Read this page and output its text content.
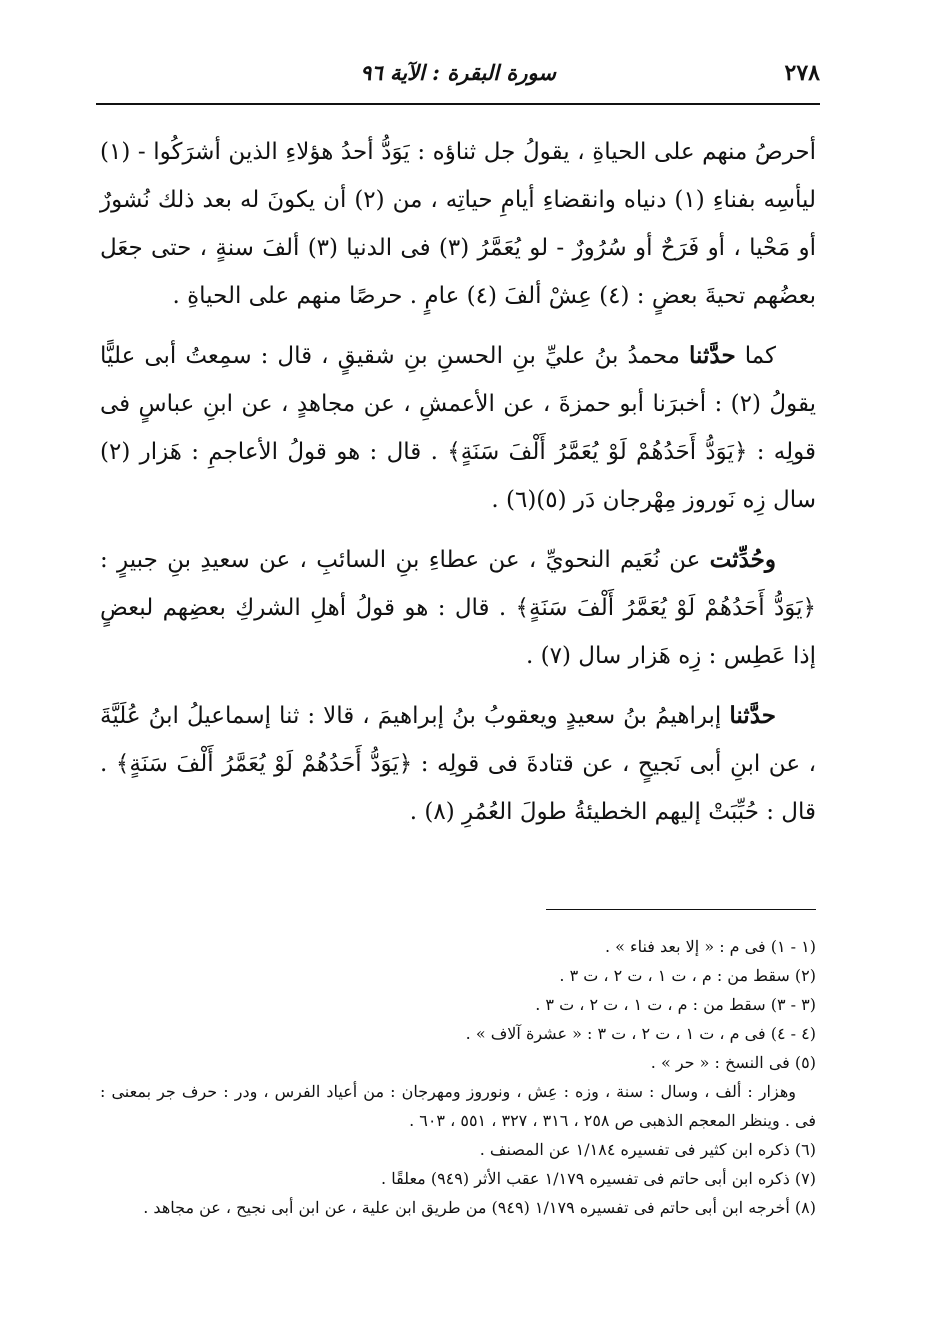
٢٧٨
سورة البقرة : الآية ٩٦

أحرصُ منهم على الحياةِ ، يقولُ جل ثناؤه : يَوَدُّ أحدُ هؤلاءِ الذين أشرَكُوا - (١) ليأسِه بفناءِ (١) دنياه وانقضاءِ أيامِ حياتِه ، من (٢) أن يكونَ له بعد ذلك نُشورٌ أو مَحْيا ، أو فَرَحٌ أو سُرُورٌ - لو يُعَمَّرُ (٣) فى الدنيا (٣) ألفَ سنةٍ ، حتى جعَل بعضُهم تحيةَ بعضٍ : (٤) عِشْ ألفَ (٤) عامٍ . حرصًا منهم على الحياةِ .

كما حدَّثنا محمدُ بنُ عليِّ بنِ الحسنِ بنِ شقيقٍ ، قال : سمِعتُ أبى عليًّا يقولُ (٢) : أخبرَنا أبو حمزةَ ، عن الأعمشِ ، عن مجاهدٍ ، عن ابنِ عباسٍ فى قولِه : ﴿يَوَدُّ أَحَدُهُمْ لَوْ يُعَمَّرُ أَلْفَ سَنَةٍ﴾ . قال : هو قولُ الأعاجمِ : هَزار (٢) سال زِه نَوروز مِهْرجان دَر (٥)(٦) .

وحُدِّثت عن نُعَيم النحويِّ ، عن عطاءِ بنِ السائبِ ، عن سعيدِ بنِ جبيرٍ : ﴿يَوَدُّ أَحَدُهُمْ لَوْ يُعَمَّرُ أَلْفَ سَنَةٍ﴾ . قال : هو قولُ أهلِ الشركِ بعضِهم لبعضٍ إذا عَطِس : زِه هَزار سال (٧) .

حدَّثنا إبراهيمُ بنُ سعيدٍ ويعقوبُ بنُ إبراهيمَ ، قالا : ثنا إسماعيلُ ابنُ عُلَيَّةَ ، عن ابنِ أبى نَجيحٍ ، عن قتادةَ فى قولِه : ﴿يَوَدُّ أَحَدُهُمْ لَوْ يُعَمَّرُ أَلْفَ سَنَةٍ﴾ . قال : حُبِّبَتْ إليهم الخطيئةُ طولَ العُمُرِ (٨) .

(١ - ١) فى م : « إلا بعد فناء » .

(٢) سقط من : م ، ت ١ ، ت ٢ ، ت ٣ .

(٣ - ٣) سقط من : م ، ت ١ ، ت ٢ ، ت ٣ .

(٤ - ٤) فى م ، ت ١ ، ت ٢ ، ت ٣ : « عشرة آلاف » .

(٥) فى النسخ : « حر » .

وهزار : ألف ، وسال : سنة ، وزه : عِش ، ونوروز ومهرجان : من أعياد الفرس ، ودر : حرف جر بمعنى : فى . وينظر المعجم الذهبى ص ٢٥٨ ، ٣١٦ ، ٣٢٧ ، ٥٥١ ، ٦٠٣ .

(٦) ذكره ابن كثير فى تفسيره ١/١٨٤ عن المصنف .

(٧) ذكره ابن أبى حاتم فى تفسيره ١/١٧٩ عقب الأثر (٩٤٩) معلقًا .

(٨) أخرجه ابن أبى حاتم فى تفسيره ١/١٧٩ (٩٤٩) من طريق ابن علية ، عن ابن أبى نجيح ، عن مجاهد .
